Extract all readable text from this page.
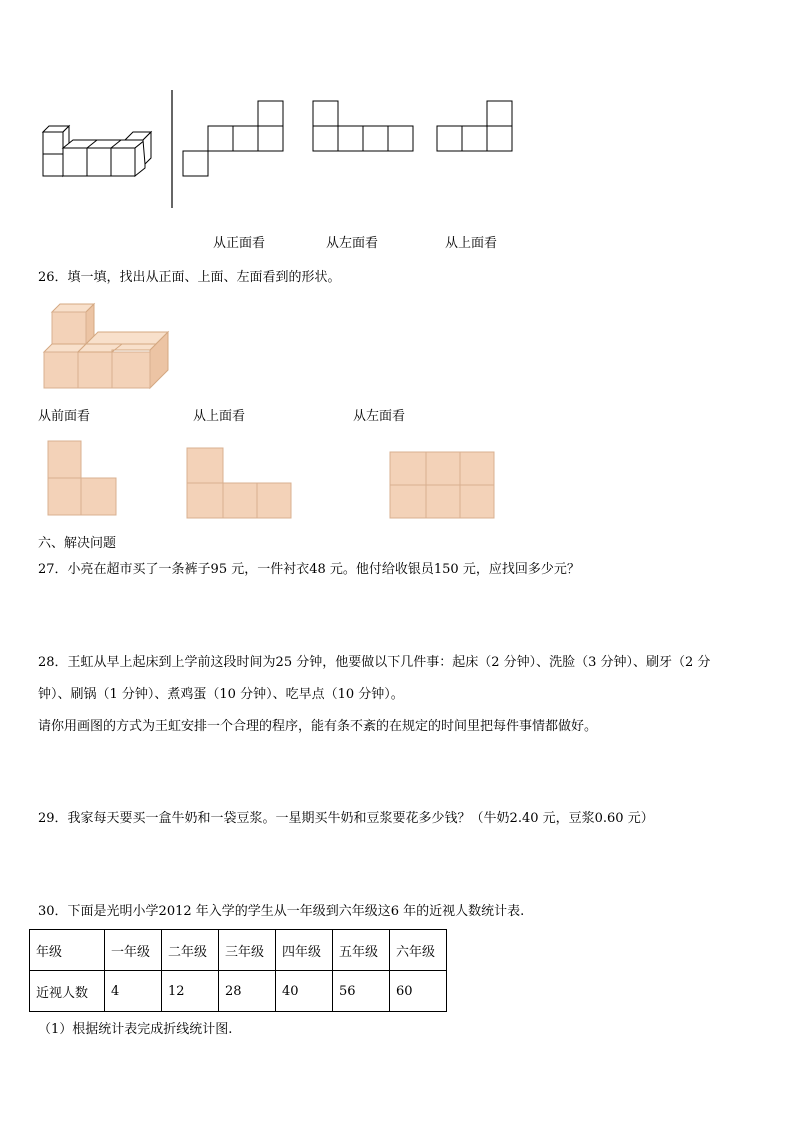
从正面看	从左面看	从上面看
26．填一填，找出从正面、上面、左面看到的形状。
从前面看	从上面看	从左面看
六、解决问题
27．小亮在超市买了一条裤子95 元，一件衬衣48 元。他付给收银员150 元，应找回多少元？
28．王虹从早上起床到上学前这段时间为25 分钟，他要做以下几件事：起床（2 分钟）、洗脸（3 分钟）、刷牙（2 分
钟）、刷锅（1 分钟）、煮鸡蛋（10 分钟）、吃早点（10 分钟）。
请你用画图的方式为王虹安排一个合理的程序，能有条不紊的在规定的时间里把每件事情都做好。
29．我家每天要买一盒牛奶和一袋豆浆。一星期买牛奶和豆浆要花多少钱？（牛奶2.40 元，豆浆0.60 元）
30．下面是光明小学2012 年入学的学生从一年级到六年级这6 年的近视人数统计表.
年级	一年级	二年级	三年级	四年级	五年级	六年级
近视人数	4	12	28	40	56	60
（1）根据统计表完成折线统计图.
